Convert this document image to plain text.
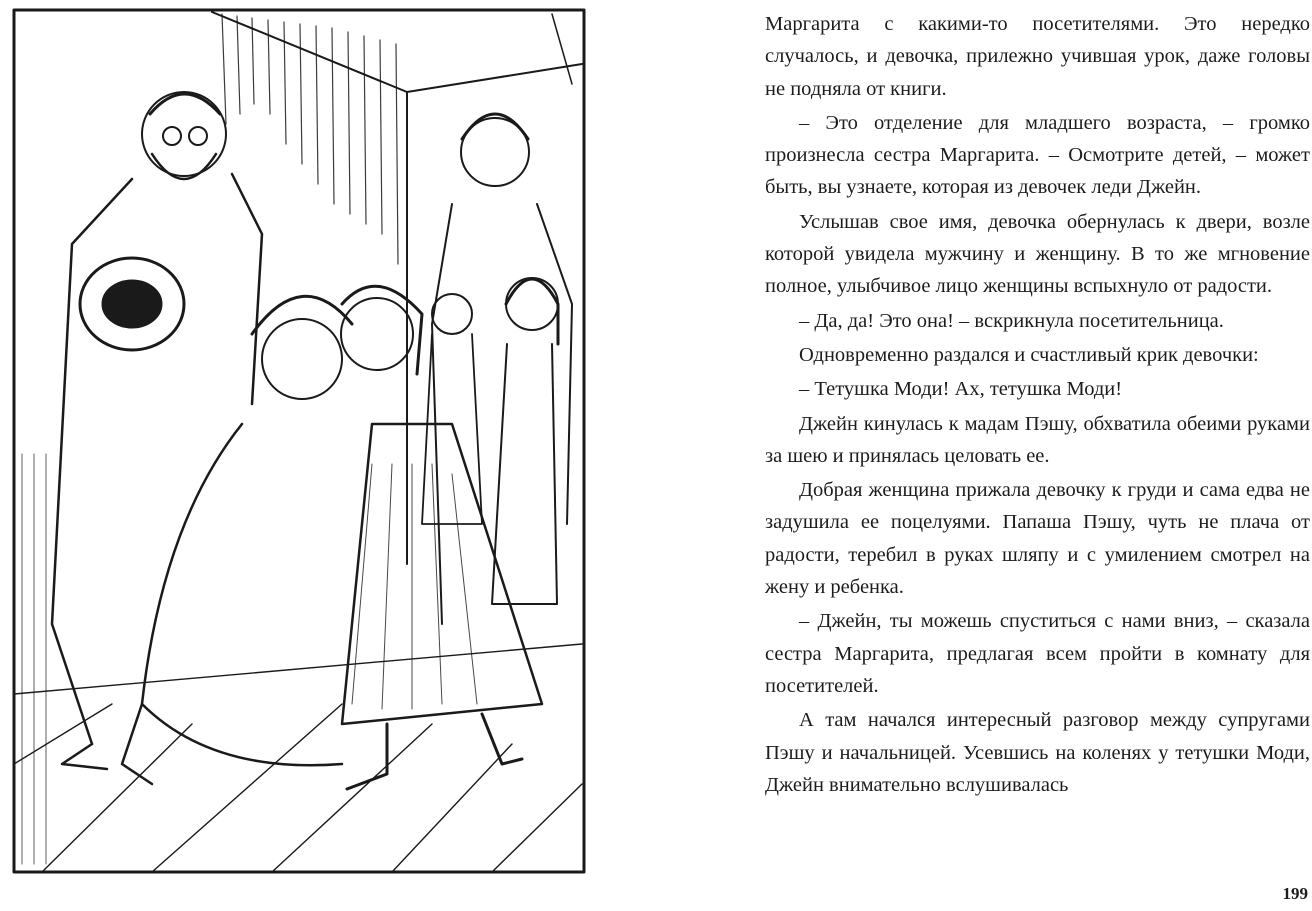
Маргарита с какими-то посетителями. Это нередко случалось, и девочка, прилежно учившая урок, даже головы не подняла от книги.

– Это отделение для младшего возраста, – громко произнесла сестра Маргарита. – Осмотрите детей, – может быть, вы узнаете, которая из девочек леди Джейн.

Услышав свое имя, девочка обернулась к двери, возле которой увидела мужчину и женщину. В то же мгновение полное, улыбчивое лицо женщины вспыхнуло от радости.

– Да, да! Это она! – вскрикнула посетительница.

Одновременно раздался и счастливый крик девочки:

– Тетушка Моди! Ах, тетушка Моди!

Джейн кинулась к мадам Пэшу, обхватила обеими руками за шею и принялась целовать ее.

Добрая женщина прижала девочку к груди и сама едва не задушила ее поцелуями. Папаша Пэшу, чуть не плача от радости, теребил в руках шляпу и с умилением смотрел на жену и ребенка.

– Джейн, ты можешь спуститься с нами вниз, – сказала сестра Маргарита, предлагая всем пройти в комнату для посетителей.

А там начался интересный разговор между супругами Пэшу и начальницей. Усевшись на коленях у тетушки Моди, Джейн внимательно вслушивалась

199
